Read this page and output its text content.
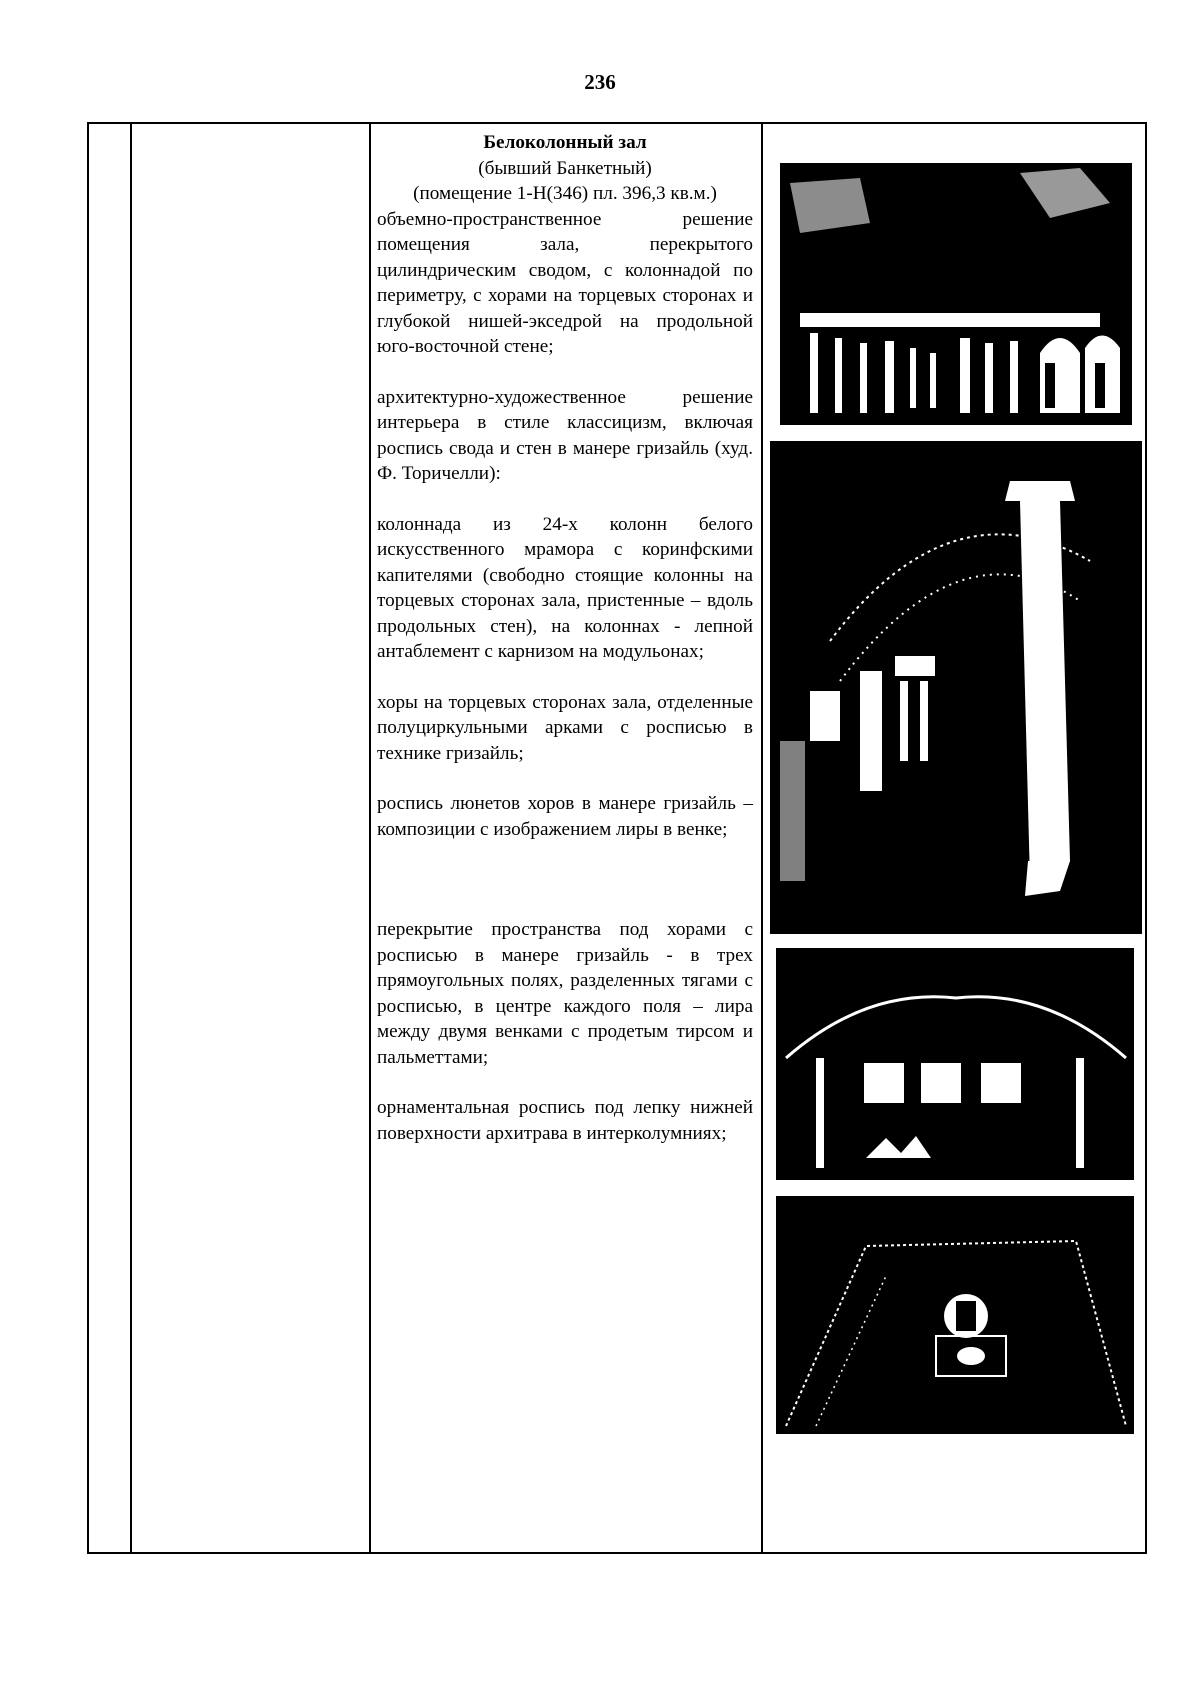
236
Белоколонный зал
(бывший Банкетный)
(помещение 1-Н(346) пл. 396,3 кв.м.)
объемно-пространственное решение помещения зала, перекрытого цилиндрическим сводом, с колоннадой по периметру, с хорами на торцевых сторонах и глубокой нишей-экседрой на продольной юго-восточной стене;
архитектурно-художественное решение интерьера в стиле классицизм, включая роспись свода и стен в манере гризайль (худ. Ф. Торичелли):
колоннада из 24-х колонн белого искусственного мрамора с коринфскими капителями (свободно стоящие колонны на торцевых сторонах зала, пристенные – вдоль продольных стен), на колоннах - лепной антаблемент с карнизом на модульонах;
хоры на торцевых сторонах зала, отделенные полуциркульными арками с росписью в технике гризайль;
роспись люнетов хоров в манере гризайль – композиции с изображением лиры в венке;
перекрытие пространства под хорами с росписью в манере гризайль - в трех прямоугольных полях, разделенных тягами с росписью, в центре каждого поля – лира между двумя венками с продетым тирсом и пальметтами;
орнаментальная роспись под лепку нижней поверхности архитрава в интерколумниях;
